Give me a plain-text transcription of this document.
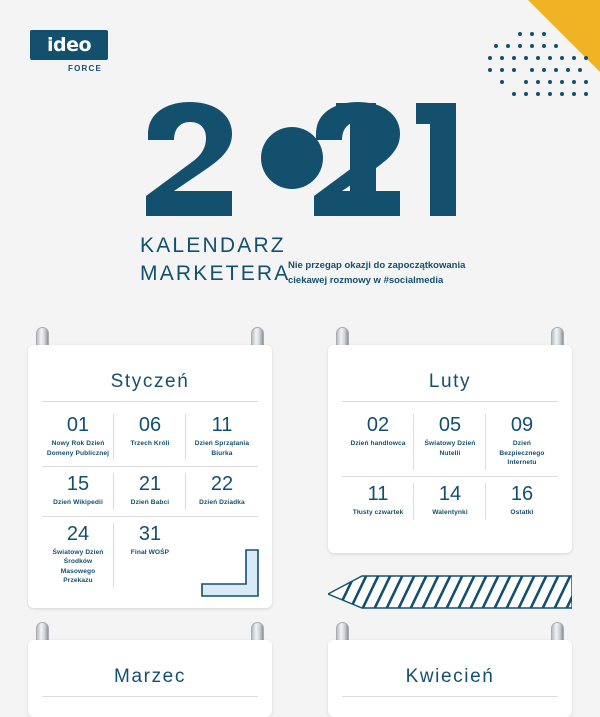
ideo
FORCE
KALENDARZ
MARKETERA
Nie przegap okazji do zapoczątkowania
ciekawej rozmowy w #socialmedia
Styczeń
01
Nowy Rok Dzień
Domeny Publicznej
06
Trzech Króli
11
Dzień Sprzątania
Biurka
15
Dzień Wikipedii
21
Dzień Babci
22
Dzień Dziadka
24
Światowy Dzień
Środków Masowego
Przekazu
31
Finał WOŚP
Luty
02
Dzień handlowca
05
Światowy Dzień
Nutelli
09
Dzień Bezpiecznego
Internetu
11
Tłusty czwartek
14
Walentynki
16
Ostatki
Marzec	Kwiecień
